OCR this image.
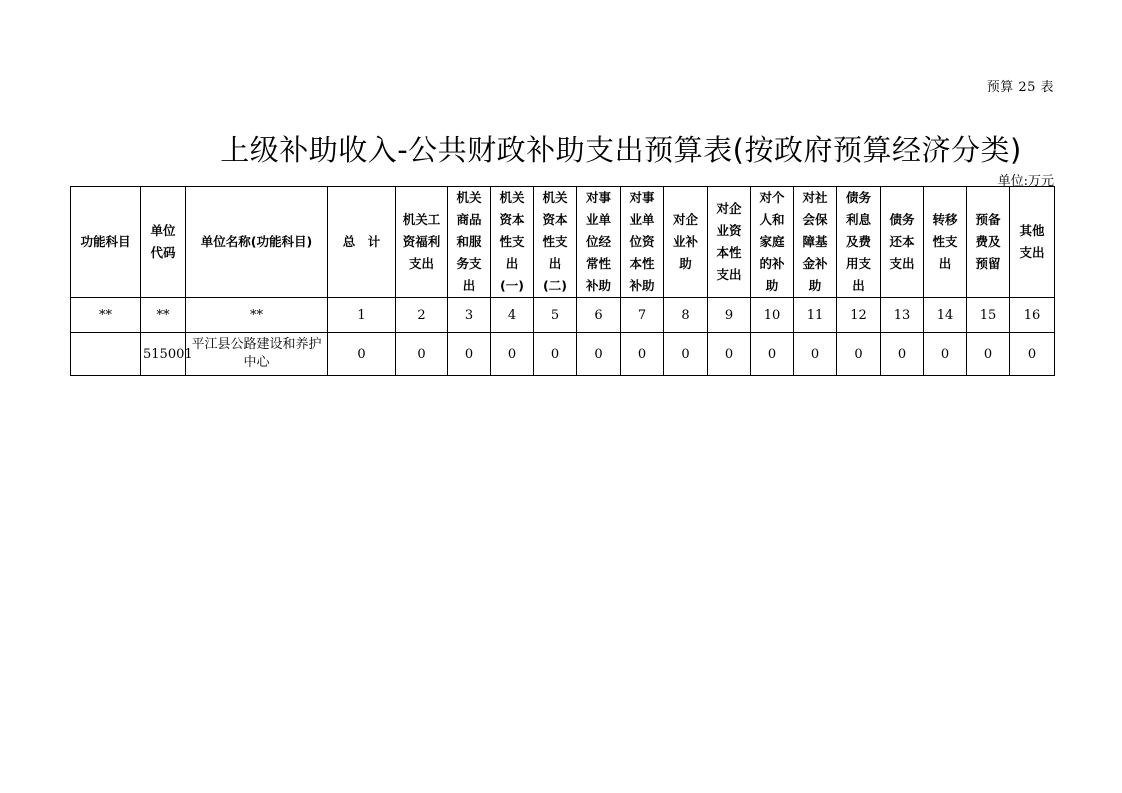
预算 25 表
上级补助收入-公共财政补助支出预算表(按政府预算经济分类)
单位:万元
功能科目	单位代码	单位名称(功能科目)	总　计	机关工资福利支出	机关商品和服务支出	机关资本性支出(一)	机关资本性支出(二)	对事业单位经常性补助	对事业单位资本性补助	对企业补助	对企业资本性支出	对个人和家庭的补助	对社会保障基金补助	债务利息及费用支出	债务还本支出	转移性支出	预备费及预留	其他支出
**	**	**	1	2	3	4	5	6	7	8	9	10	11	12	13	14	15	16
	515001	平江县公路建设和养护中心	0	0	0	0	0	0	0	0	0	0	0	0	0	0	0	0
